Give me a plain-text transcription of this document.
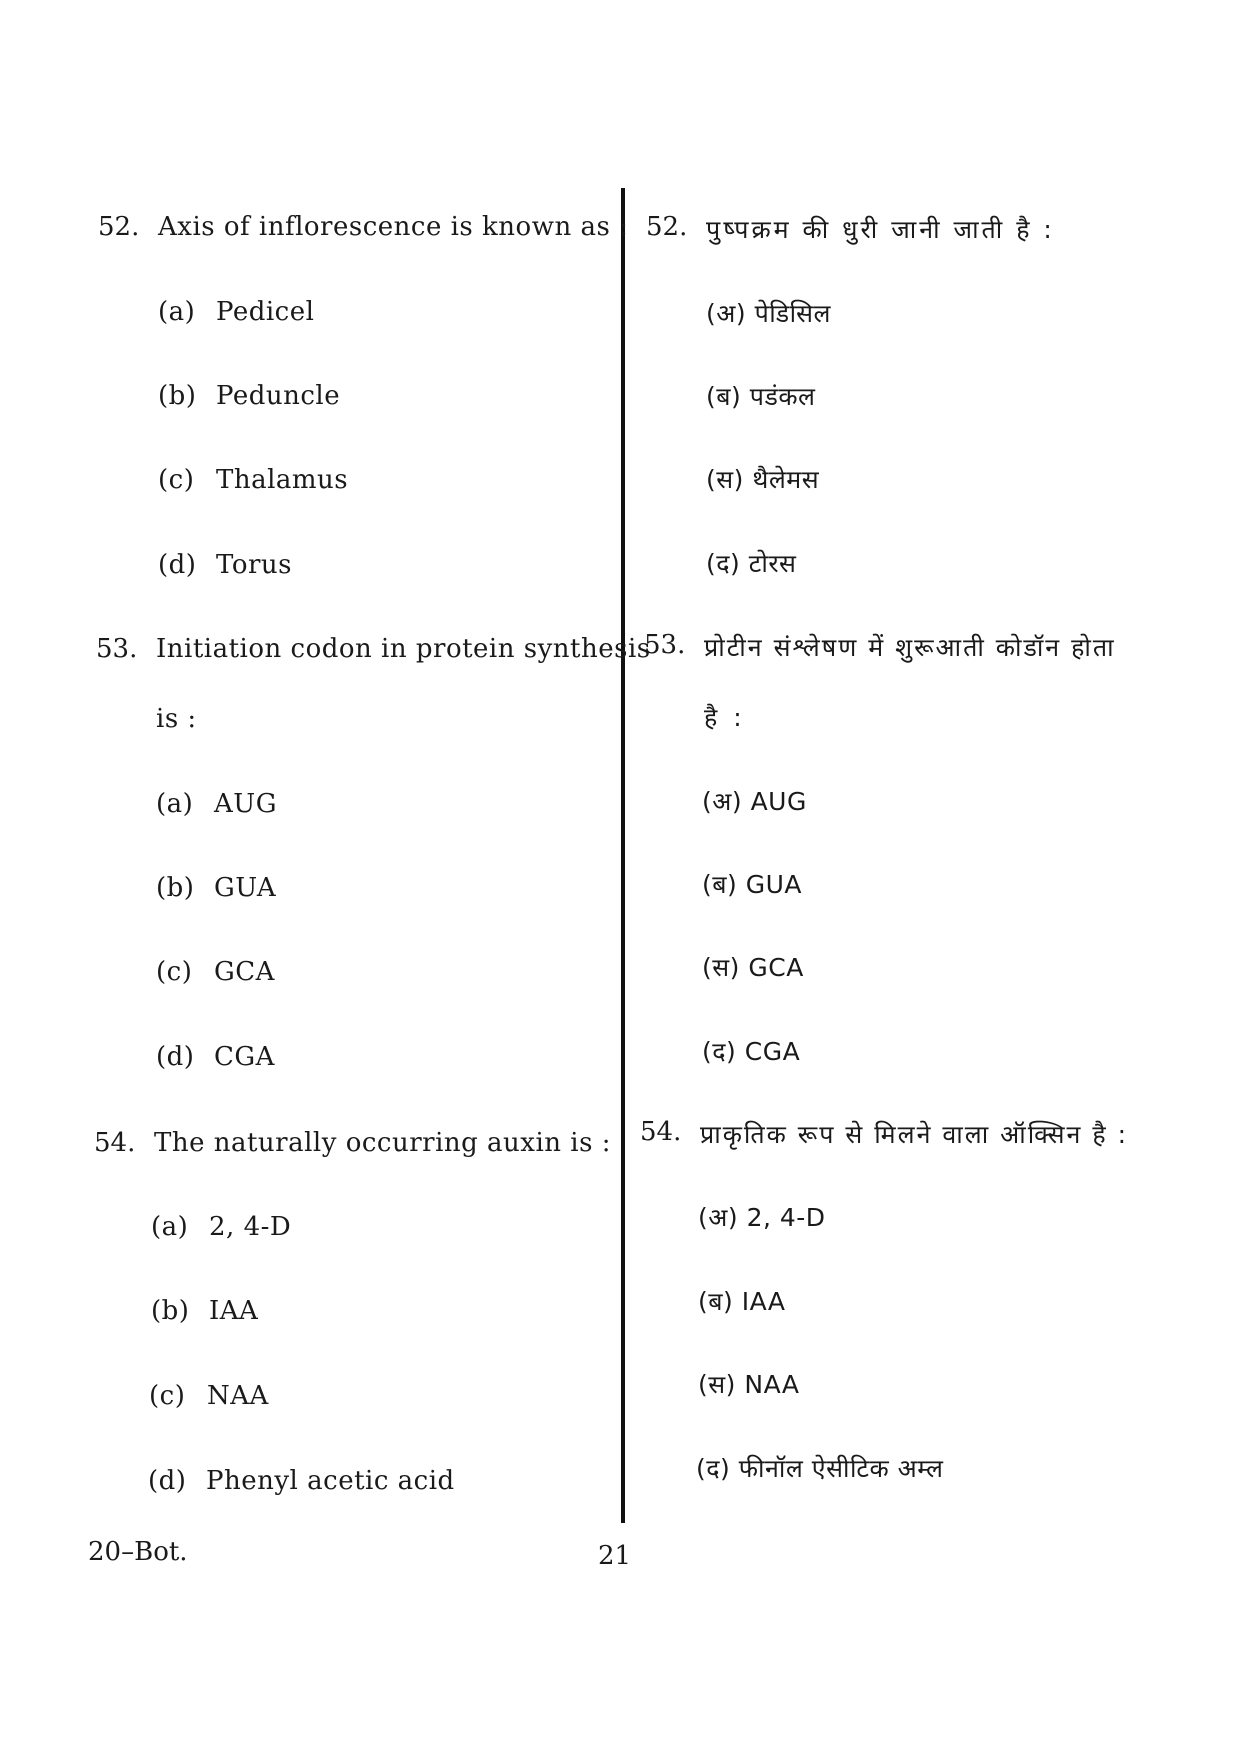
52. Axis of inflorescence is known as :
(a) Pedicel
(b) Peduncle
(c) Thalamus
(d) Torus
53. Initiation codon in protein synthesis
is :
(a) AUG
(b) GUA
(c) GCA
(d) CGA
54. The naturally occurring auxin is :
(a) 2, 4-D
(b) IAA
(c) NAA
(d) Phenyl acetic acid
52. पुष्पक्रम की धुरी जानी जाती है :
(अ) पेडिसिल
(ब) पडंकल
(स) थैलेमस
(द) टोरस
53. प्रोटीन संश्लेषण में शुरूआती कोडॉन होता
है :
(अ) AUG
(ब) GUA
(स) GCA
(द) CGA
54. प्राकृतिक रूप से मिलने वाला ऑक्सिन है :
(अ) 2, 4-D
(ब) IAA
(स) NAA
(द) फीनॉल ऐसीटिक अम्ल
20–Bot.	21
